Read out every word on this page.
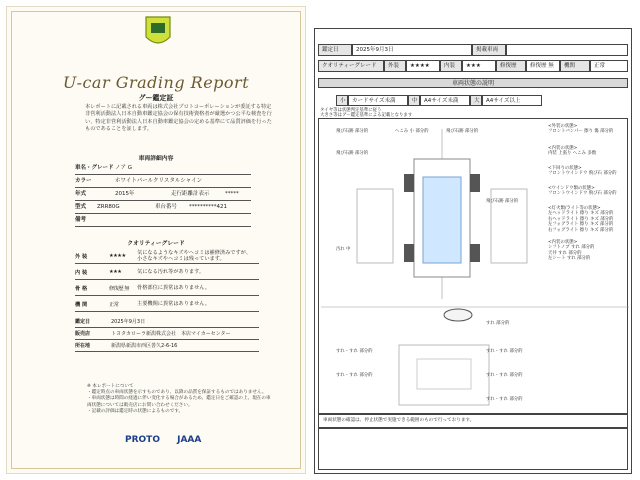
U-car Grading Report
グー鑑定証
本レポートに記載される車両は株式会社プロトコーポレーションが委託する特定非営利活動法人日本自動車鑑定協会の保有技術資格者が厳選かつ公平な検査を行い、特定非営利活動法人日本自動車鑑定協会の定める基準にて品質評価を行ったものであることを証します。
車両詳細内容
車名・グレード ノア G
カラー	ホワイトパールクリスタルシャイン
年式	2015年	走行距離計表示	*****
型式 ZRR80G	車台番号 **********421
備考
クオリティーグレード
外 装	★★★★ 気になるようなキズやヘコミは補修済みですが、小さなキズやヘコミは残っています。
内 装	★★★	気になる汚れ等があります。
骨 格	修復歴 無 骨格部位に異常はありません。
機 関	正常	主要機関に異常はありません。
鑑定日	2025年9月3日
販売店	トヨタカローラ新潟株式会社　本店マイカーセンター
所在地	新潟県新潟市西区善久2-6-16
※ 本レポートについて
・鑑定時点の車両状態を示すものであり、以降の品質を保証するものではありません。
・車両状態は時間の経過に伴い変化する場合があるため、鑑定日をご確認の上、現在の車両状態については販売店にお問い合わせください。
・記載の評価は鑑定時の状態によるものです。
PROTO JAAA
鑑定日	2025年9月3日	掲載車両
クオリティーグレード	外装	★★★★	内装	★★★	修復歴	修復歴 無	機関	正常
車両状態の説明
小	カードサイズ未満	中	A4サイズ未満	大	A4サイズ以上
タイヤ等は状態判定基準に従う
大きさ等はグー鑑定基準による記載となります
飛び石跡 部分的	へこみ 小 部分的	飛び石跡 部分的
飛び石跡 部分的
汚れ 中
飛び石跡 部分的
すれ 部分的
すれ・すれ 部分的	すれ・すれ 部分的
すれ・すれ 部分的	すれ・すれ 部分的
すれ・すれ 部分的
<外装の状態>
フロントバンパー 擦り 傷 部分的
<内装の状態>
内装 上張り へこみ 多数
<下回りの状態>
フロントウインドウ 飛び石 部分的
<ウインドウ類の状態>
フロントウインドウ 飛び石 部分的
<灯火類/ライト等の状態>
左ヘッドライト 擦り キズ 部分的
右ヘッドライト 擦り キズ 部分的
左フォグライト 擦り キズ 部分的
右フォグライト 擦り キズ 部分的
<内装の状態>
シフトノブ すれ 部分的
天井 すれ 部分的
左シート すれ 部分的
車両状態の確認は、停止状態で実施できる範囲のもので行っております。
